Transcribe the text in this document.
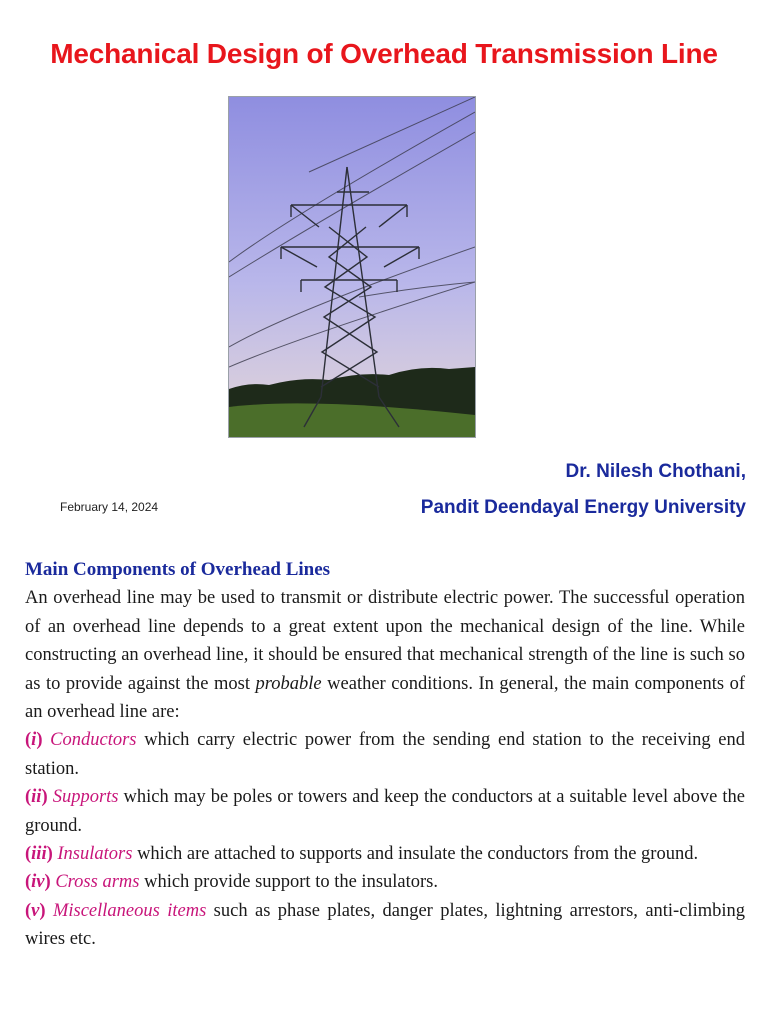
Mechanical Design of Overhead Transmission Line
Dr. Nilesh Chothani,
Pandit Deendayal Energy University
February 14, 2024
Main Components of Overhead Lines
An overhead line may be used to transmit or distribute electric power. The successful operation of an overhead line depends to a great extent upon the mechanical design of the line. While constructing an overhead line, it should be ensured that mechanical strength of the line is such so as to provide against the most probable weather conditions. In general, the main components of an overhead line are:
(i) Conductors which carry electric power from the sending end station to the receiving end station.
(ii) Supports which may be poles or towers and keep the conductors at a suitable level above the ground.
(iii) Insulators which are attached to supports and insulate the conductors from the ground.
(iv) Cross arms which provide support to the insulators.
(v) Miscellaneous items such as phase plates, danger plates, lightning arrestors, anti-climbing wires etc.
